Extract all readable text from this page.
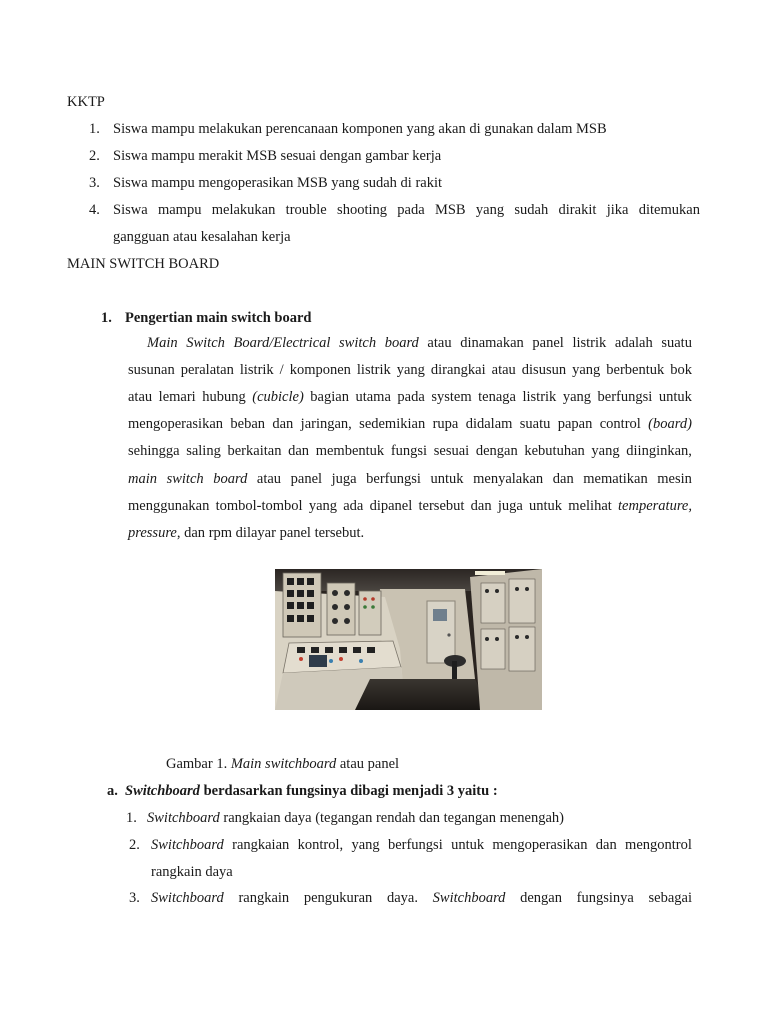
KKTP
1. Siswa mampu melakukan perencanaan komponen yang akan di gunakan dalam MSB
2. Siswa mampu merakit MSB sesuai dengan gambar kerja
3. Siswa mampu mengoperasikan MSB yang sudah di rakit
4. Siswa mampu melakukan trouble shooting pada MSB yang sudah dirakit jika ditemukan
gangguan atau kesalahan kerja
MAIN SWITCH BOARD
1. Pengertian main switch board
Main Switch Board/Electrical switch board atau dinamakan panel listrik adalah suatu
susunan peralatan listrik / komponen listrik yang dirangkai atau disusun yang berbentuk bok
atau lemari hubung (cubicle) bagian utama pada system tenaga listrik yang berfungsi untuk
mengoperasikan beban dan jaringan, sedemikian rupa didalam suatu papan control (board)
sehingga saling berkaitan dan membentuk fungsi sesuai dengan kebutuhan yang diinginkan,
main switch board atau panel juga berfungsi untuk menyalakan dan mematikan mesin
menggunakan tombol-tombol yang ada dipanel tersebut dan juga untuk melihat temperature,
pressure, dan rpm dilayar panel tersebut.
Gambar 1. Main switchboard atau panel
a. Switchboard berdasarkan fungsinya dibagi menjadi 3 yaitu :
1. Switchboard rangkaian daya (tegangan rendah dan tegangan menengah)
2. Switchboard rangkaian kontrol, yang berfungsi untuk mengoperasikan dan mengontrol
rangkain daya
3. Switchboard rangkain pengukuran daya. Switchboard dengan fungsinya sebagai
